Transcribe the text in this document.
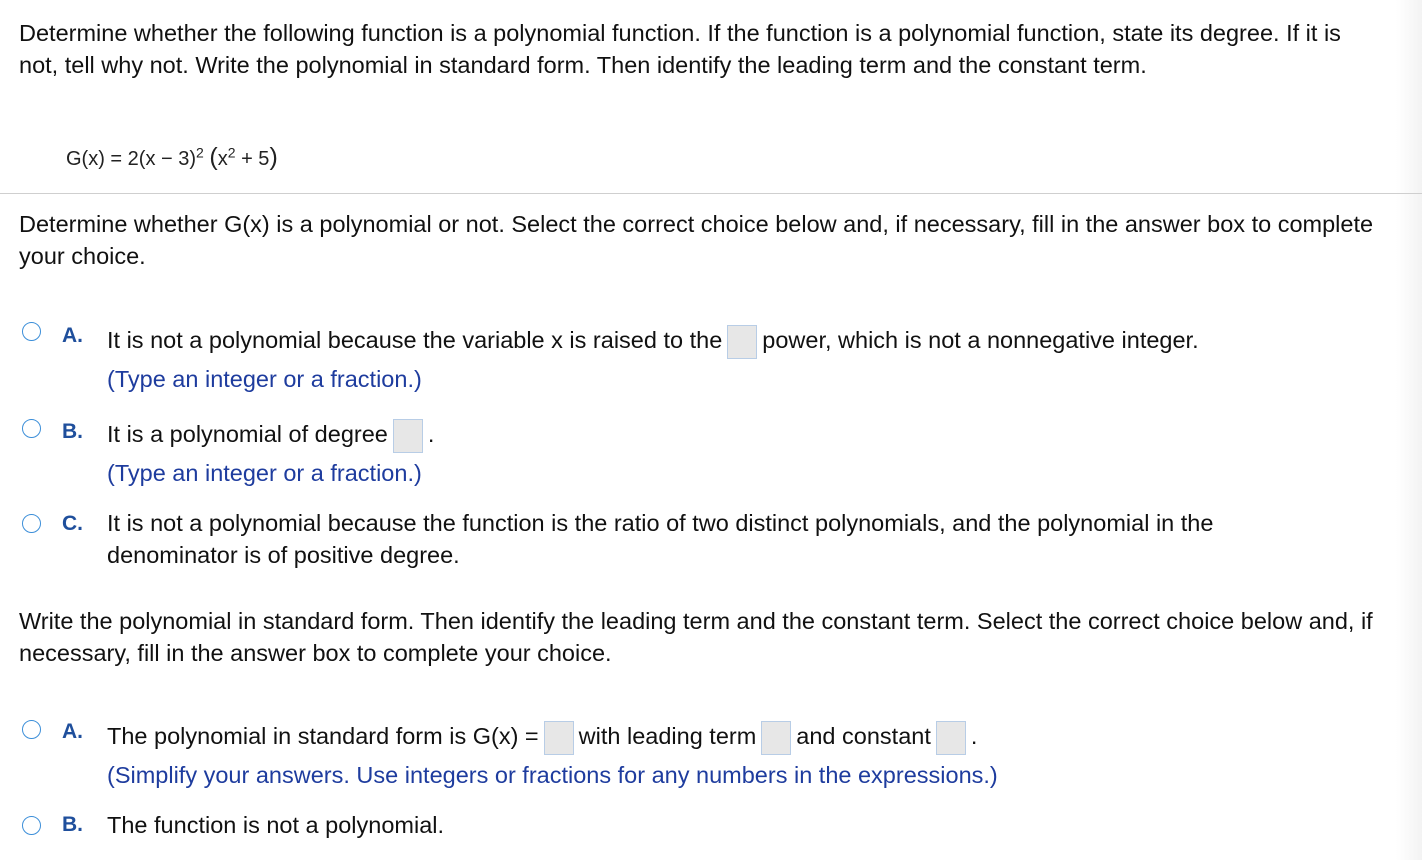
Determine whether the following function is a polynomial function. If the function is a polynomial function, state its degree. If it is not, tell why not. Write the polynomial in standard form. Then identify the leading term and the constant term.

$G(x) = 2(x - 3)^2$ $(x^2 + 5)$

Determine whether G(x) is a polynomial or not. Select the correct choice below and, if necessary, fill in the answer box to complete your choice.

A. It is not a polynomial because the variable x is raised to the power, which is not a nonnegative integer.
(Type an integer or a fraction.)
B. It is a polynomial of degree .
(Type an integer or a fraction.)
C. It is not a polynomial because the function is the ratio of two distinct polynomials, and the polynomial in the
denominator is of positive degree.

Write the polynomial in standard form. Then identify the leading term and the constant term. Select the correct choice below and, if necessary, fill in the answer box to complete your choice.

A. The polynomial in standard form is G(x) = with leading term and constant .
(Simplify your answers. Use integers or fractions for any numbers in the expressions.)
B. The function is not a polynomial.
